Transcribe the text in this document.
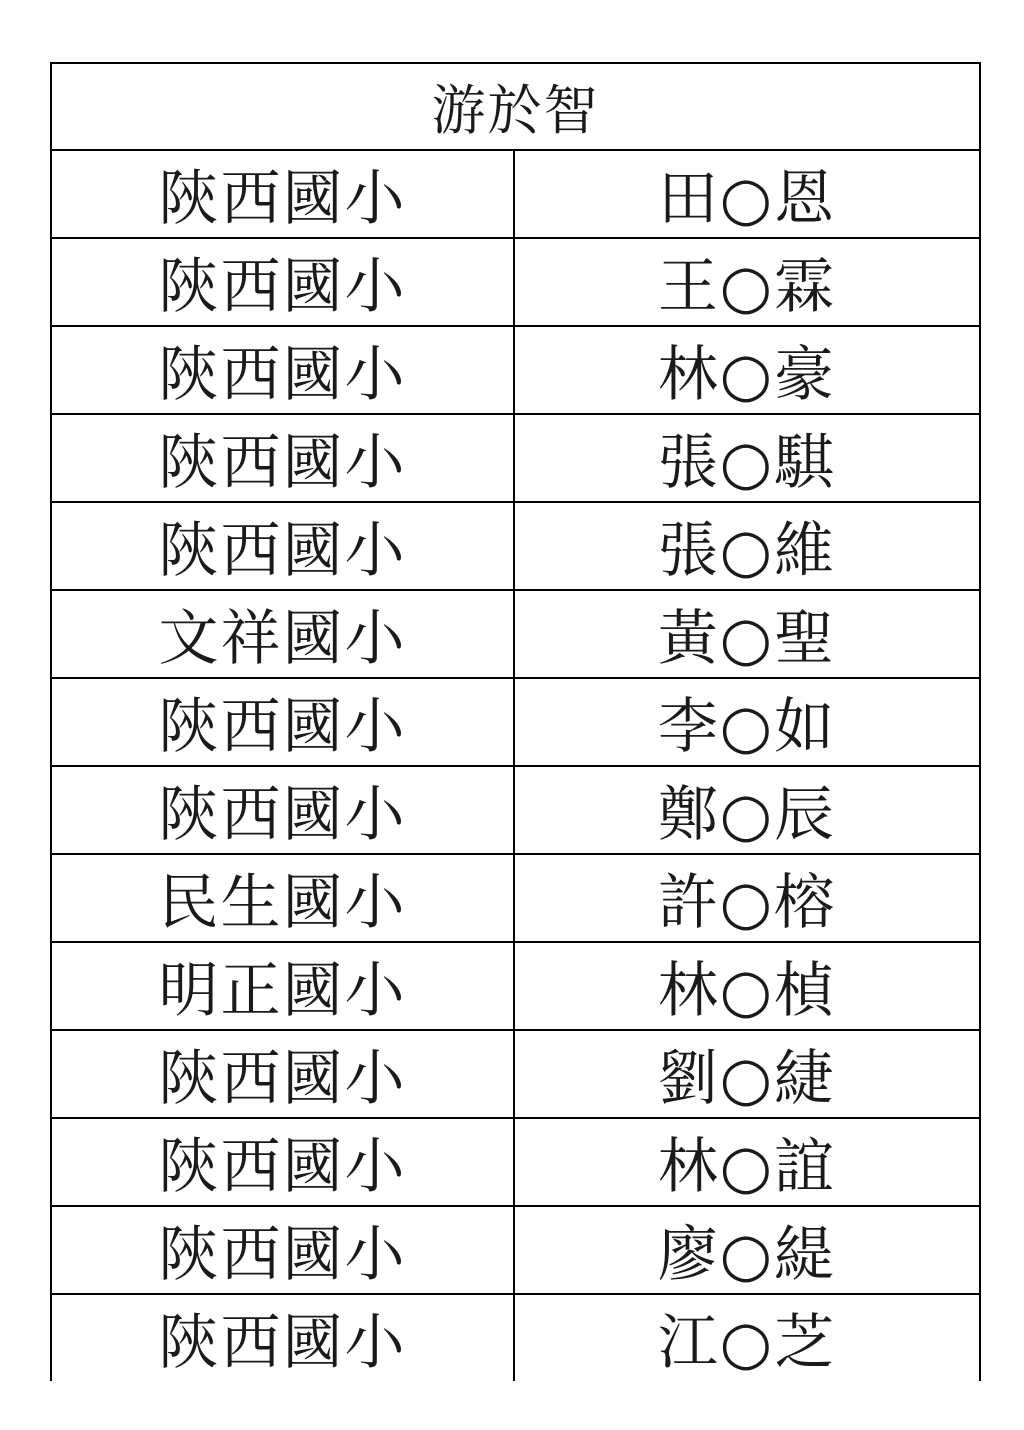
游於智	
陝西國小	田○恩
陝西國小	王○霖
陝西國小	林○豪
陝西國小	張○騏
陝西國小	張○維
文祥國小	黃○聖
陝西國小	李○如
陝西國小	鄭○辰
民生國小	許○榕
明正國小	林○楨
陝西國小	劉○緁
陝西國小	林○誼
陝西國小	廖○緹
陝西國小	江○芝
